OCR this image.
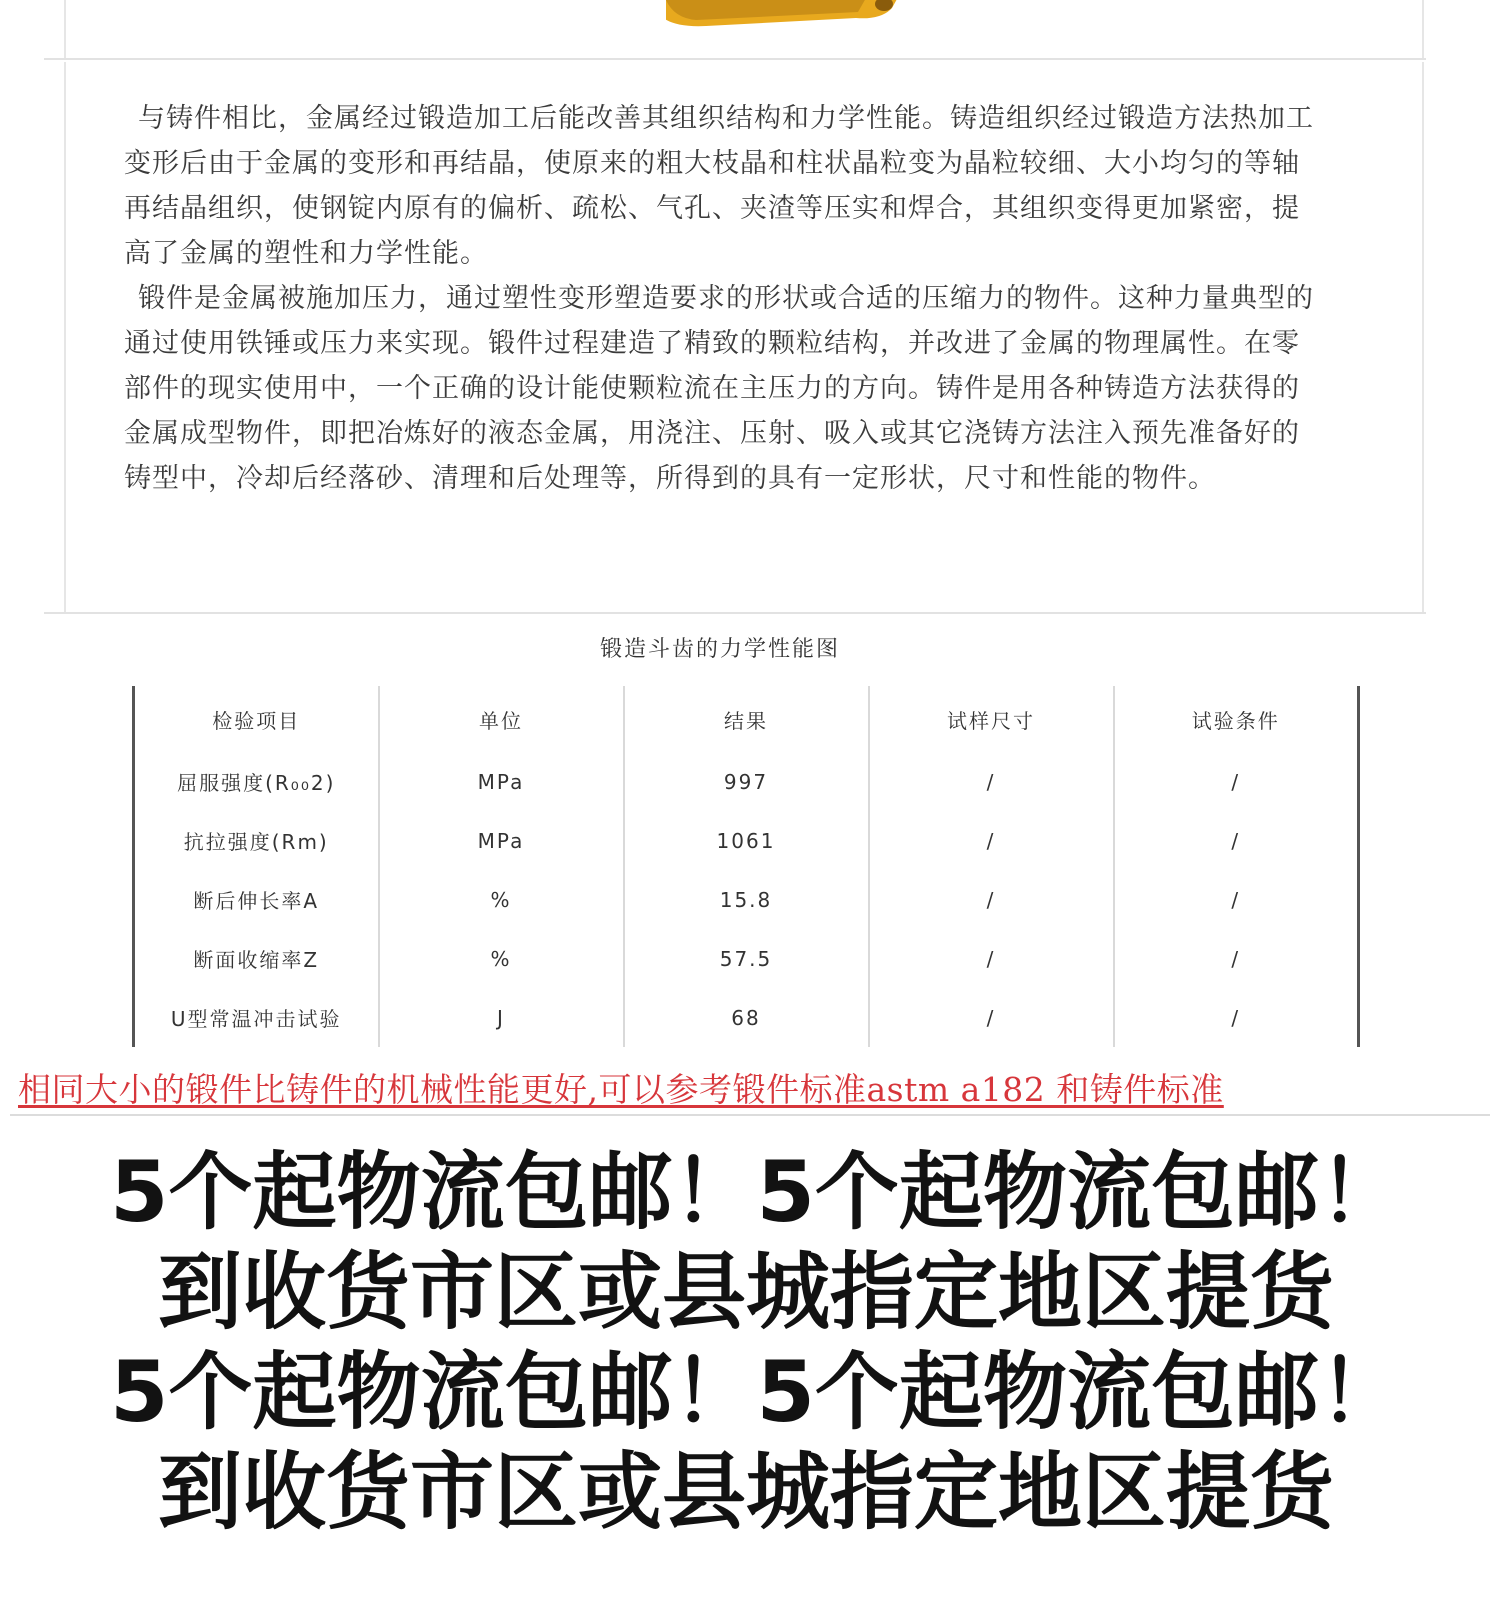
与铸件相比，金属经过锻造加工后能改善其组织结构和力学性能。铸造组织经过锻造方法热加工变形后由于金属的变形和再结晶，使原来的粗大枝晶和柱状晶粒变为晶粒较细、大小均匀的等轴再结晶组织，使钢锭内原有的偏析、疏松、气孔、夹渣等压实和焊合，其组织变得更加紧密，提高了金属的塑性和力学性能。

锻件是金属被施加压力，通过塑性变形塑造要求的形状或合适的压缩力的物件。这种力量典型的通过使用铁锤或压力来实现。锻件过程建造了精致的颗粒结构，并改进了金属的物理属性。在零部件的现实使用中，一个正确的设计能使颗粒流在主压力的方向。铸件是用各种铸造方法获得的金属成型物件，即把冶炼好的液态金属，用浇注、压射、吸入或其它浇铸方法注入预先准备好的铸型中，冷却后经落砂、清理和后处理等，所得到的具有一定形状，尺寸和性能的物件。

锻造斗齿的力学性能图
检验项目	单位	结果	试样尺寸	试验条件
屈服强度(R₀₀2)	MPa	997	/	/
抗拉强度(Rm)	MPa	1061	/	/
断后伸长率A	%	15.8	/	/
断面收缩率Z	%	57.5	/	/
U型常温冲击试验	J	68	/	/
相同大小的锻件比铸件的机械性能更好,可以参考锻件标准astm a182 和铸件标准
5个起物流包邮！5个起物流包邮！
到收货市区或县城指定地区提货
5个起物流包邮！5个起物流包邮！
到收货市区或县城指定地区提货
